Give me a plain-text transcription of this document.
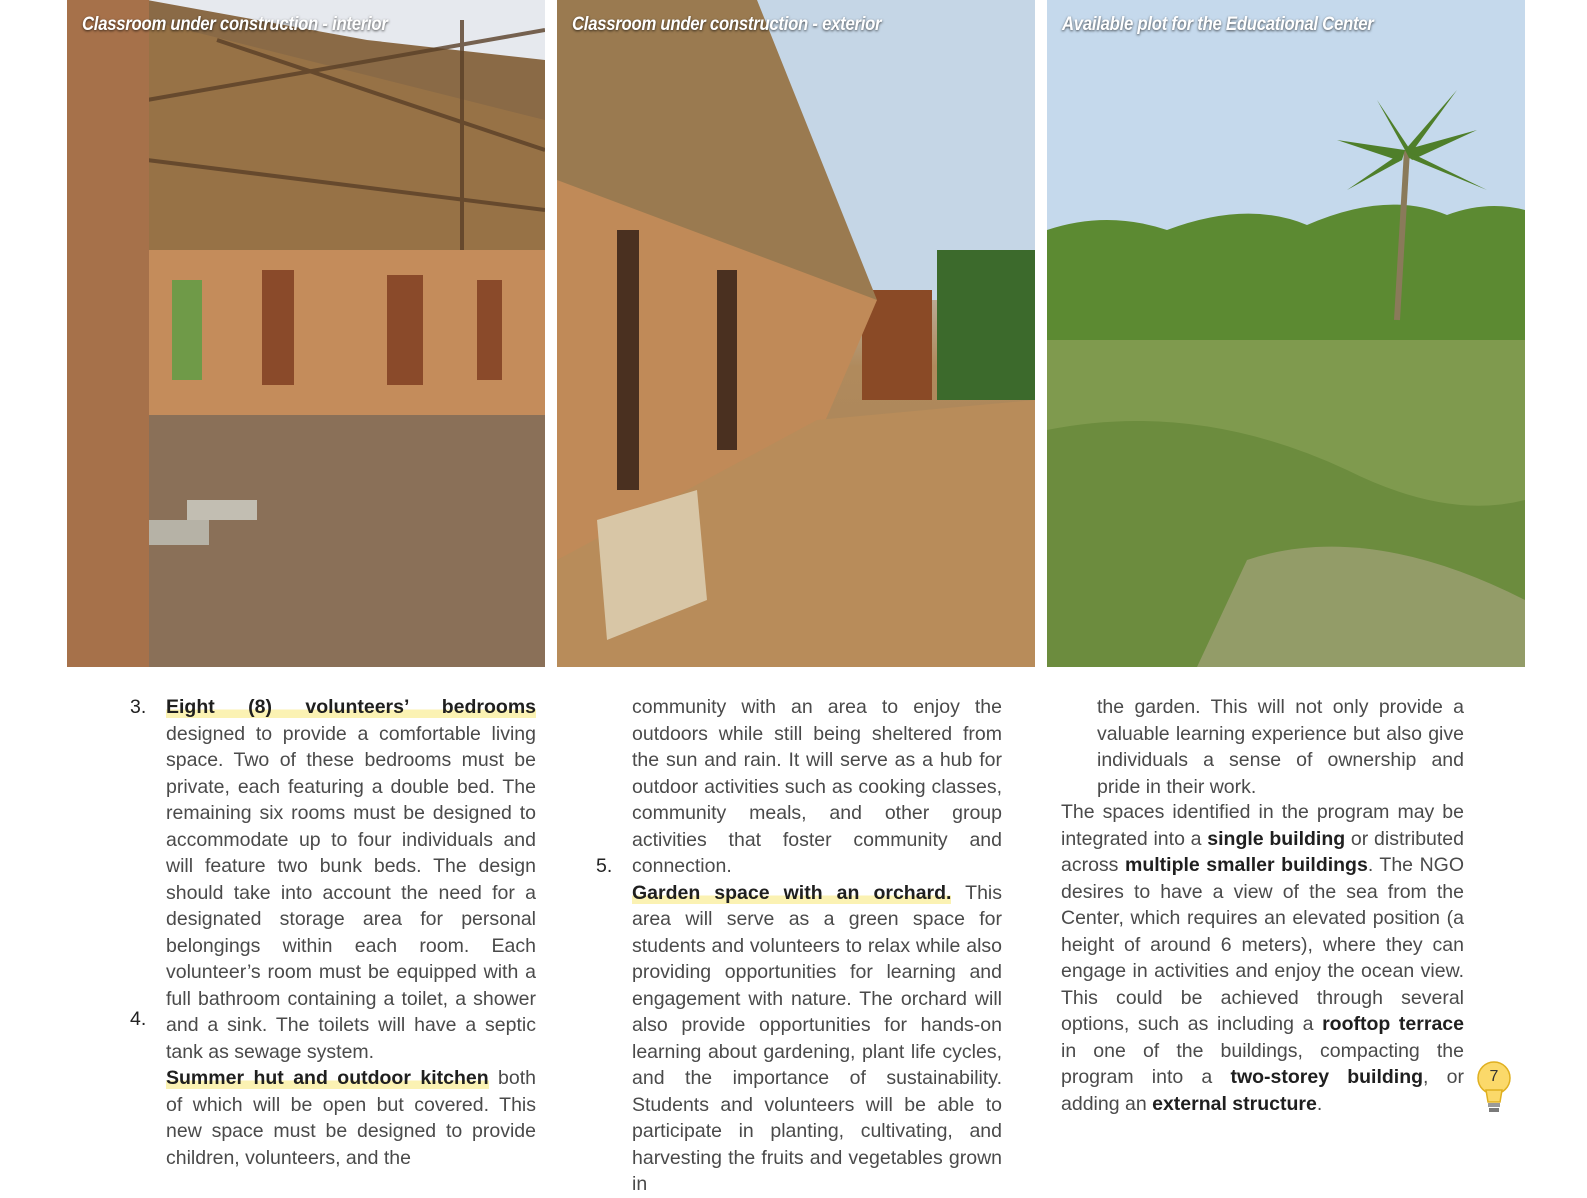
Classroom under construction - interior	Classroom under construction - exterior	Available plot for the Educational Center
3. Eight (8) volunteers’ bedrooms designed to provide a comfortable living space. Two of these bedrooms must be private, each featuring a double bed. The remaining six rooms must be designed to accommodate up to four individuals and will feature two bunk beds. The design should take into account the need for a designated storage area for personal belongings within each room. Each volunteer’s room must be equipped with a full bathroom containing a toilet, a shower and a sink. The toilets will have a septic tank as sewage system.

Summer hut and outdoor kitchen both of which will be open but covered. This new space must be designed to provide children, volunteers, and the

4.

community with an area to enjoy the outdoors while still being sheltered from the sun and rain. It will serve as a hub for outdoor activities such as cooking classes, community meals, and other group activities that foster community and connection.

Garden space with an orchard. This area will serve as a green space for students and volunteers to relax while also providing opportunities for learning and engagement with nature. The orchard will also provide opportunities for hands-on learning about gardening, plant life cycles, and the importance of sustainability. Students and volunteers will be able to participate in planting, cultivating, and harvesting the fruits and vegetables grown in

5.

the garden. This will not only provide a valuable learning experience but also give individuals a sense of ownership and pride in their work.

The spaces identified in the program may be integrated into a single building or distributed across multiple smaller buildings. The NGO desires to have a view of the sea from the Center, which requires an elevated position (a height of around 6 meters), where they can engage in activities and enjoy the ocean view. This could be achieved through several options, such as including a rooftop terrace in one of the buildings, compacting the program into a two-storey building, or adding an external structure.

7
